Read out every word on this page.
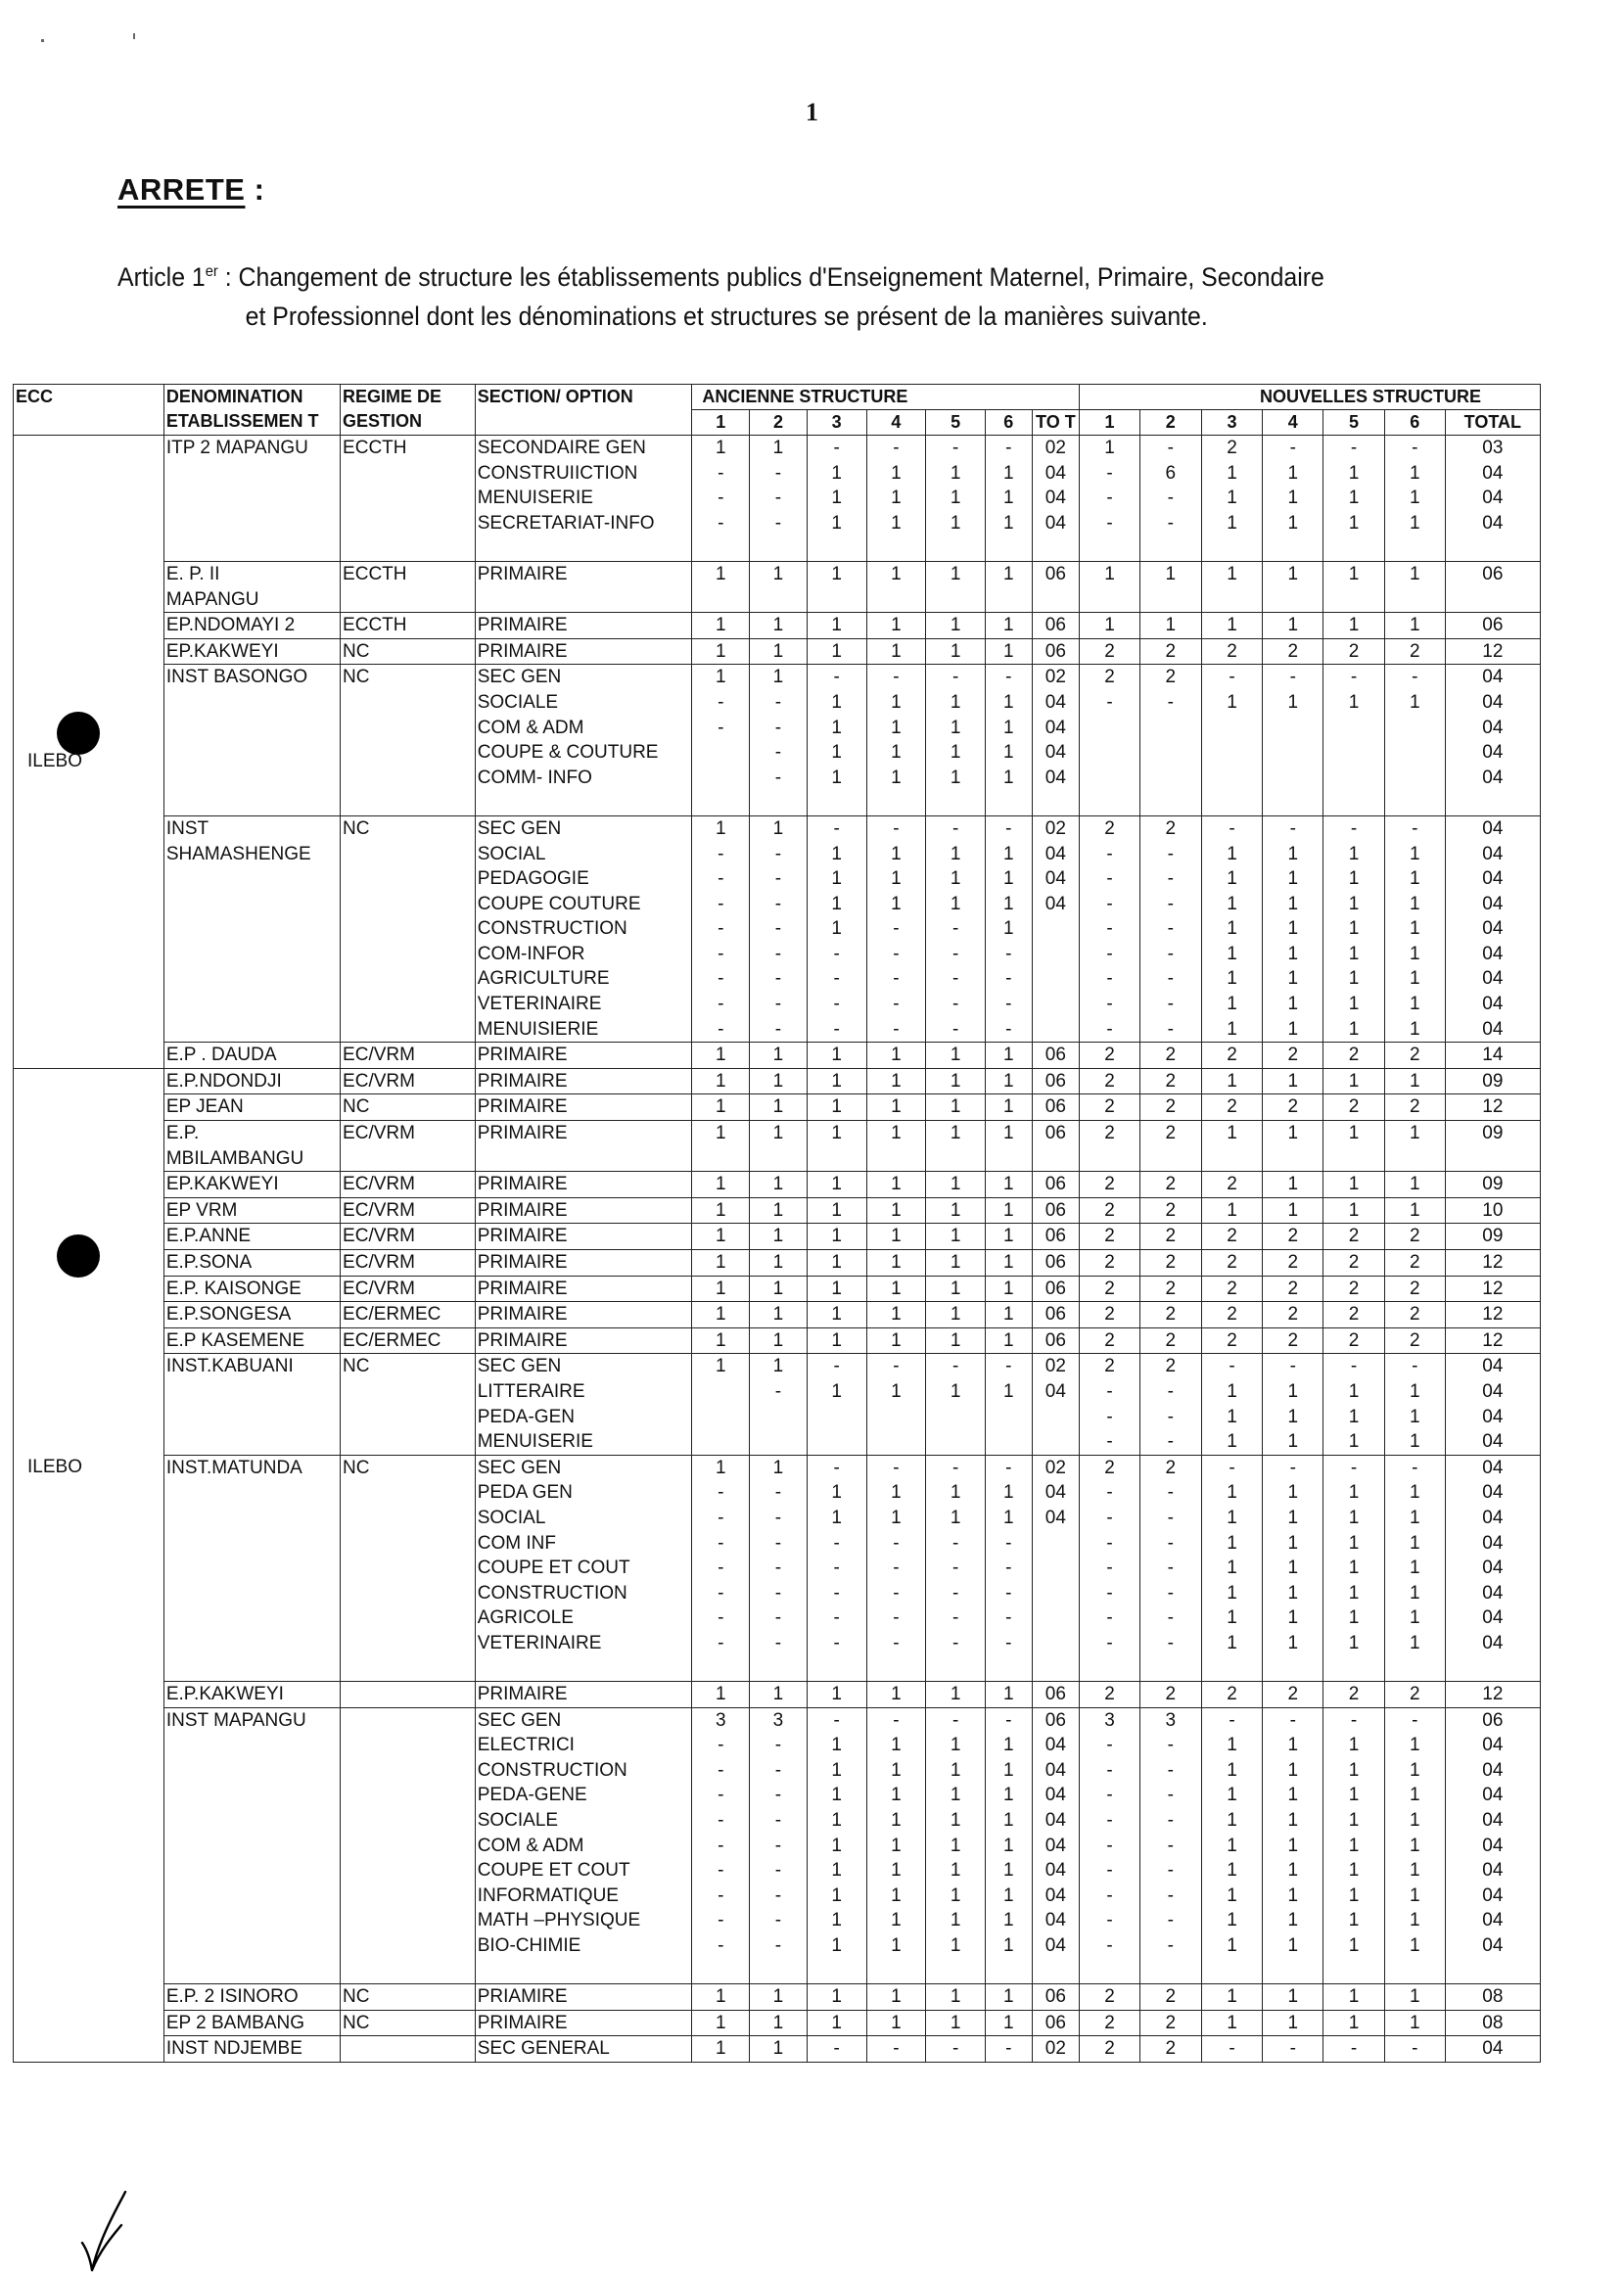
1
ARRETE :
Article 1er : Changement de structure les établissements publics d'Enseignement Maternel, Primaire, Secondaire
et Professionnel dont les dénominations et structures se présent de la manières suivante.
ECC	DENOMINATION ETABLISSEMEN T	REGIME DE GESTION	SECTION/ OPTION	ANCIENNE STRUCTURE							NOUVELLES STRUCTURE						
				1	2	3	4	5	6	TO T	1	2	3	4	5	6	TOTAL

ILEBO	ITP 2 MAPANGU	ECCTH	SECONDAIRE GEN	1	1	-	-	-	-	02	1	-	2	-	-	-	03
			CONSTRUIICTION	-	-	1	1	1	1	04	-	6	1	1	1	1	04
			MENUISERIE	-	-	1	1	1	1	04	-	-	1	1	1	1	04
			SECRETARIAT-INFO	-	-	1	1	1	1	04	-	-	1	1	1	1	04

	E. P. II	ECCTH	PRIMAIRE	1	1	1	1	1	1	06	1	1	1	1	1	1	06
	MAPANGU																
	EP.NDOMAYI 2	ECCTH	PRIMAIRE	1	1	1	1	1	1	06	1	1	1	1	1	1	06
	EP.KAKWEYI	NC	PRIMAIRE	1	1	1	1	1	1	06	2	2	2	2	2	2	12
	INST BASONGO	NC	SEC GEN	1	1	-	-	-	-	02	2	2	-	-	-	-	04
			SOCIALE	-	-	1	1	1	1	04	-	-	1	1	1	1	04
			COM & ADM	-	-	1	1	1	1	04							04
			COUPE & COUTURE		-	1	1	1	1	04							04
			COMM- INFO		-	1	1	1	1	04							04

	INST	NC	SEC GEN	1	1	-	-	-	-	02	2	2	-	-	-	-	04
	SHAMASHENGE		SOCIAL	-	-	1	1	1	1	04	-	-	1	1	1	1	04
			PEDAGOGIE	-	-	1	1	1	1	04	-	-	1	1	1	1	04
			COUPE COUTURE	-	-	1	1	1	1	04	-	-	1	1	1	1	04
			CONSTRUCTION	-	-	1	-	-	1		-	-	1	1	1	1	04
			COM-INFOR	-	-	-	-	-	-		-	-	1	1	1	1	04
			AGRICULTURE	-	-	-	-	-	-		-	-	1	1	1	1	04
			VETERINAIRE	-	-	-	-	-	-		-	-	1	1	1	1	04
			MENUISIERIE	-	-	-	-	-	-		-	-	1	1	1	1	04
	E.P . DAUDA	EC/VRM	PRIMAIRE	1	1	1	1	1	1	06	2	2	2	2	2	2	14

ILEBO	E.P.NDONDJI	EC/VRM	PRIMAIRE	1	1	1	1	1	1	06	2	2	1	1	1	1	09
	EP JEAN	NC	PRIMAIRE	1	1	1	1	1	1	06	2	2	2	2	2	2	12
	E.P.	EC/VRM	PRIMAIRE	1	1	1	1	1	1	06	2	2	1	1	1	1	09
	MBILAMBANGU																
	EP.KAKWEYI	EC/VRM	PRIMAIRE	1	1	1	1	1	1	06	2	2	2	1	1	1	09
	EP VRM	EC/VRM	PRIMAIRE	1	1	1	1	1	1	06	2	2	1	1	1	1	10
	E.P.ANNE	EC/VRM	PRIMAIRE	1	1	1	1	1	1	06	2	2	2	2	2	2	09
	E.P.SONA	EC/VRM	PRIMAIRE	1	1	1	1	1	1	06	2	2	2	2	2	2	12
	E.P. KAISONGE	EC/VRM	PRIMAIRE	1	1	1	1	1	1	06	2	2	2	2	2	2	12
	E.P.SONGESA	EC/ERMEC	PRIMAIRE	1	1	1	1	1	1	06	2	2	2	2	2	2	12
	E.P KASEMENE	EC/ERMEC	PRIMAIRE	1	1	1	1	1	1	06	2	2	2	2	2	2	12
	INST.KABUANI	NC	SEC GEN	1	1	-	-	-	-	02	2	2	-	-	-	-	04
			LITTERAIRE		-	1	1	1	1	04	-	-	1	1	1	1	04
			PEDA-GEN								-	-	1	1	1	1	04
			MENUISERIE								-	-	1	1	1	1	04
	INST.MATUNDA	NC	SEC GEN	1	1	-	-	-	-	02	2	2	-	-	-	-	04
			PEDA GEN	-	-	1	1	1	1	04	-	-	1	1	1	1	04
			SOCIAL	-	-	1	1	1	1	04	-	-	1	1	1	1	04
			COM INF	-	-	-	-	-	-		-	-	1	1	1	1	04
			COUPE ET COUT	-	-	-	-	-	-		-	-	1	1	1	1	04
			CONSTRUCTION	-	-	-	-	-	-		-	-	1	1	1	1	04
			AGRICOLE	-	-	-	-	-	-		-	-	1	1	1	1	04
			VETERINAIRE	-	-	-	-	-	-		-	-	1	1	1	1	04

	E.P.KAKWEYI		PRIMAIRE	1	1	1	1	1	1	06	2	2	2	2	2	2	12
	INST MAPANGU		SEC GEN	3	3	-	-	-	-	06	3	3	-	-	-	-	06
			ELECTRICI	-	-	1	1	1	1	04	-	-	1	1	1	1	04
			CONSTRUCTION	-	-	1	1	1	1	04	-	-	1	1	1	1	04
			PEDA-GENE	-	-	1	1	1	1	04	-	-	1	1	1	1	04
			SOCIALE	-	-	1	1	1	1	04	-	-	1	1	1	1	04
			COM & ADM	-	-	1	1	1	1	04	-	-	1	1	1	1	04
			COUPE ET COUT	-	-	1	1	1	1	04	-	-	1	1	1	1	04
			INFORMATIQUE	-	-	1	1	1	1	04	-	-	1	1	1	1	04
			MATH –PHYSIQUE	-	-	1	1	1	1	04	-	-	1	1	1	1	04
			BIO-CHIMIE	-	-	1	1	1	1	04	-	-	1	1	1	1	04

	E.P. 2 ISINORO	NC	PRIAMIRE	1	1	1	1	1	1	06	2	2	1	1	1	1	08
	EP 2 BAMBANG	NC	PRIMAIRE	1	1	1	1	1	1	06	2	2	1	1	1	1	08
	INST NDJEMBE		SEC GENERAL	1	1	-	-	-	-	02	2	2	-	-	-	-	04
